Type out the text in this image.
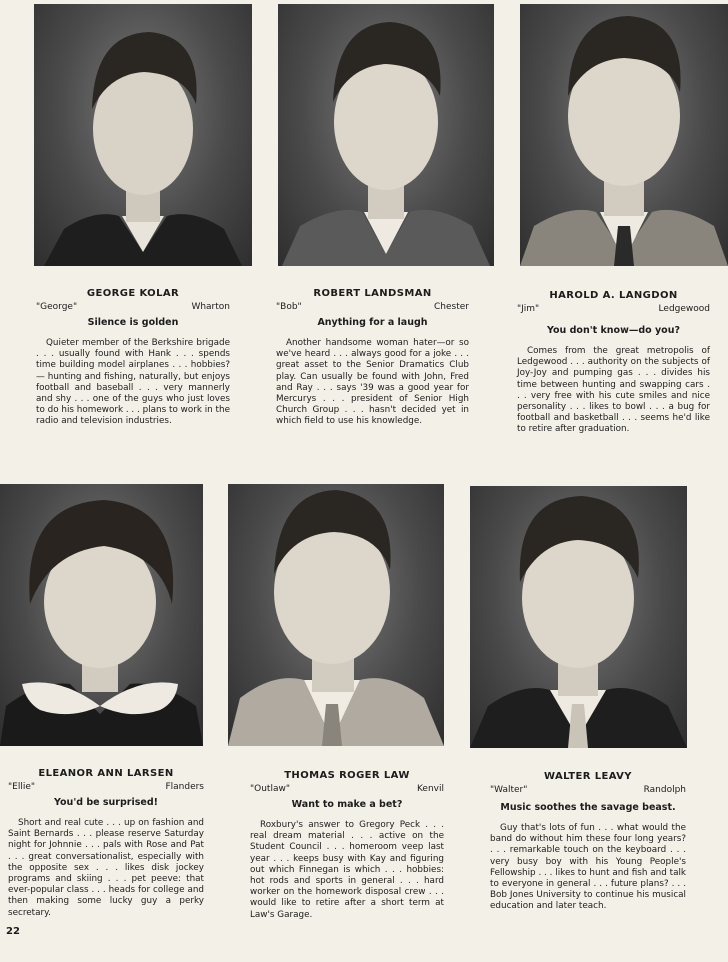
GEORGE KOLAR
"George"	Wharton
Silence is golden

Quieter member of the Berkshire brigade . . . usually found with Hank . . . spends time building model airplanes . . . hobbies? — hunting and fishing, naturally, but enjoys football and baseball . . . very mannerly and shy . . . one of the guys who just loves to do his homework . . . plans to work in the radio and television industries.

ROBERT LANDSMAN
"Bob"	Chester
Anything for a laugh

Another handsome woman hater—or so we've heard . . . always good for a joke . . . great asset to the Senior Dramatics Club play. Can usually be found with John, Fred and Ray . . . says '39 was a good year for Mercurys . . . president of Senior High Church Group . . . hasn't decided yet in which field to use his knowledge.

HAROLD A. LANGDON
"Jim"	Ledgewood
You don't know—do you?

Comes from the great metropolis of Ledgewood . . . authority on the subjects of Joy-Joy and pumping gas . . . divides his time between hunting and swapping cars . . . very free with his cute smiles and nice personality . . . likes to bowl . . . a bug for football and basketball . . . seems he'd like to retire after graduation.

ELEANOR ANN LARSEN
"Ellie"	Flanders
You'd be surprised!

Short and real cute . . . up on fashion and Saint Bernards . . . please reserve Saturday night for Johnnie . . . pals with Rose and Pat . . . great conversationalist, especially with the opposite sex . . . likes disk jockey programs and skiing . . . pet peeve: that ever-popular class . . . heads for college and then making some lucky guy a perky secretary.

THOMAS ROGER LAW
"Outlaw"	Kenvil
Want to make a bet?

Roxbury's answer to Gregory Peck . . . real dream material . . . active on the Student Council . . . homeroom veep last year . . . keeps busy with Kay and figuring out which Finnegan is which . . . hobbies: hot rods and sports in general . . . hard worker on the homework disposal crew . . . would like to retire after a short term at Law's Garage.

WALTER LEAVY
"Walter"	Randolph
Music soothes the savage beast.

Guy that's lots of fun . . . what would the band do without him these four long years? . . . remarkable touch on the keyboard . . . very busy boy with his Young People's Fellowship . . . likes to hunt and fish and talk to everyone in general . . . future plans? . . . Bob Jones University to continue his musical education and later teach.

22
